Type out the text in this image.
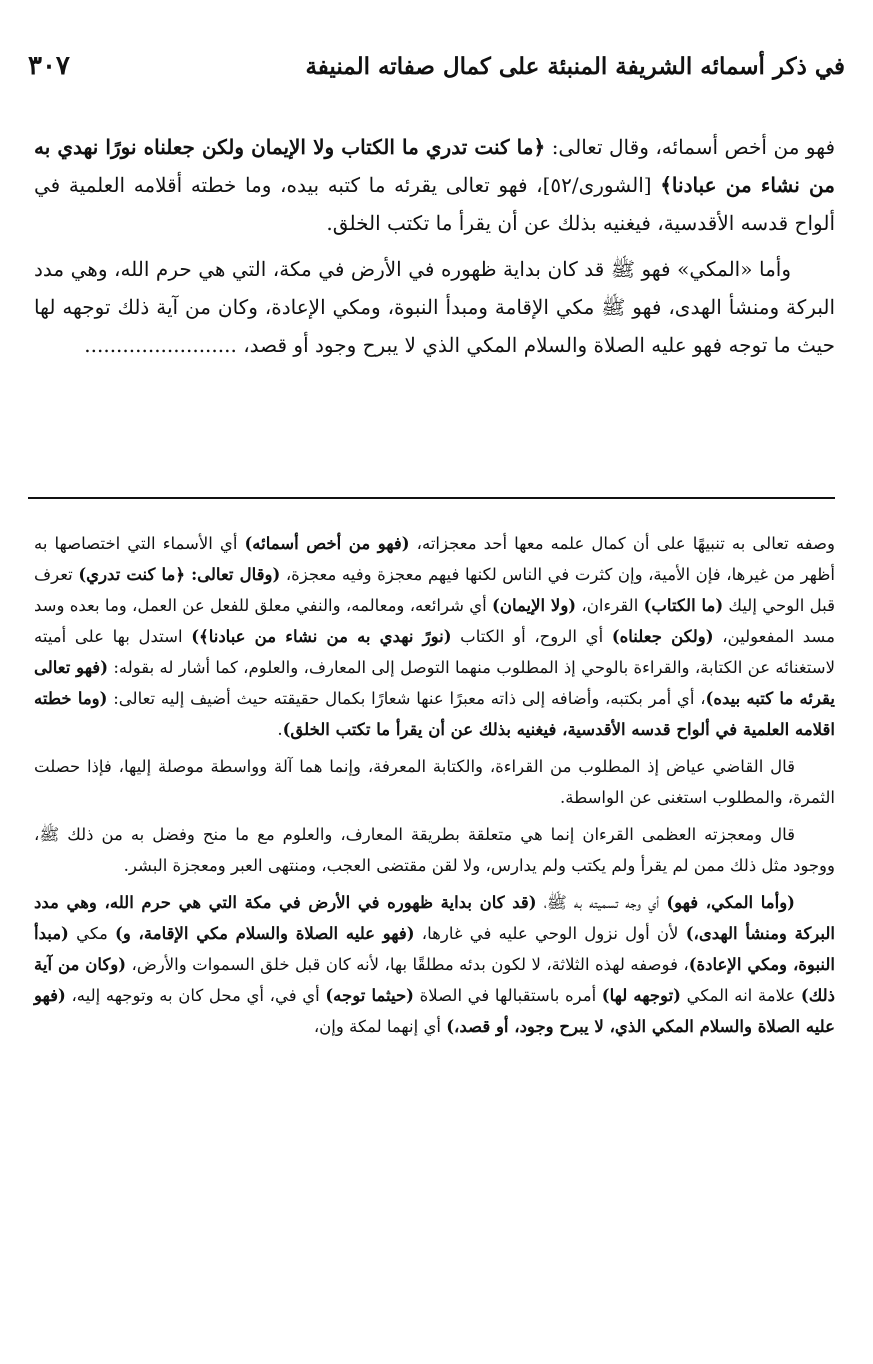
في ذكر أسمائه الشريفة المنبئة على كمال صفاته المنيفة
٣٠٧

فهو من أخص أسمائه، وقال تعالى: ﴿ما كنت تدري ما الكتاب ولا الإيمان ولكن جعلناه نورًا نهدي به من نشاء من عبادنا﴾ [الشورى/٥٢]، فهو تعالى يقرئه ما كتبه بيده، وما خطته أقلامه العلمية في ألواح قدسه الأقدسية، فيغنيه بذلك عن أن يقرأ ما تكتب الخلق.

وأما «المكي» فهو ﷺ قد كان بداية ظهوره في الأرض في مكة، التي هي حرم الله، وهي مدد البركة ومنشأ الهدى، فهو ﷺ مكي الإقامة ومبدأ النبوة، ومكي الإعادة، وكان من آية ذلك توجهه لها حيث ما توجه فهو عليه الصلاة والسلام المكي الذي لا يبرح وجود أو قصد، ........................

وصفه تعالى به تنبيهًا على أن كمال علمه معها أحد معجزاته، (فهو من أخص أسمائه) أي الأسماء التي اختصاصها به أظهر من غيرها، فإن الأمية، وإن كثرت في الناس لكنها فيهم معجزة وفيه معجزة، (وقال تعالى: ﴿ما كنت تدري) تعرف قبل الوحي إليك (ما الكتاب) القرءان، (ولا الإيمان) أي شرائعه، ومعالمه، والنفي معلق للفعل عن العمل، وما بعده وسد مسد المفعولين، (ولكن جعلناه) أي الروح، أو الكتاب (نورً نهدي به من نشاء من عبادنا﴾) استدل بها على أميته لاستغنائه عن الكتابة، والقراءة بالوحي إذ المطلوب منهما التوصل إلى المعارف، والعلوم، كما أشار له بقوله: (فهو تعالى يقرئه ما كتبه بيده)، أي أمر بكتبه، وأضافه إلى ذاته معبرًا عنها شعارًا بكمال حقيقته حيث أضيف إليه تعالى: (وما خطته اقلامه العلمية في ألواح قدسه الأقدسية، فيغنيه بذلك عن أن يقرأ ما تكتب الخلق).

قال القاضي عياض إذ المطلوب من القراءة، والكتابة المعرفة، وإنما هما آلة وواسطة موصلة إليها، فإذا حصلت الثمرة، والمطلوب استغنى عن الواسطة.

قال ومعجزته العظمى القرءان إنما هي متعلقة بطريقة المعارف، والعلوم مع ما منح وفضل به من ذلك ﷺ، ووجود مثل ذلك ممن لم يقرأ ولم يكتب ولم يدارس، ولا لقن مقتضى العجب، ومنتهى العبر ومعجزة البشر.

(وأما المكي، فهو) أي وجه تسميته به ﷺ، (قد كان بداية ظهوره في الأرض في مكة التي هي حرم الله، وهي مدد البركة ومنشأ الهدى،) لأن أول نزول الوحي عليه في غارها، (فهو عليه الصلاة والسلام مكي الإقامة، و) مكي (مبدأ النبوة، ومكي الإعادة)، فوصفه لهذه الثلاثة، لا لكون بدئه مطلقًا بها، لأنه كان قبل خلق السموات والأرض، (وكان من آية ذلك) علامة انه المكي (توجهه لها) أمره باستقبالها في الصلاة (حيثما توجه) أي في، أي محل كان به وتوجهه إليه، (فهو عليه الصلاة والسلام المكي الذي، لا يبرح وجود، أو قصد،) أي إنهما لمكة وإن،
